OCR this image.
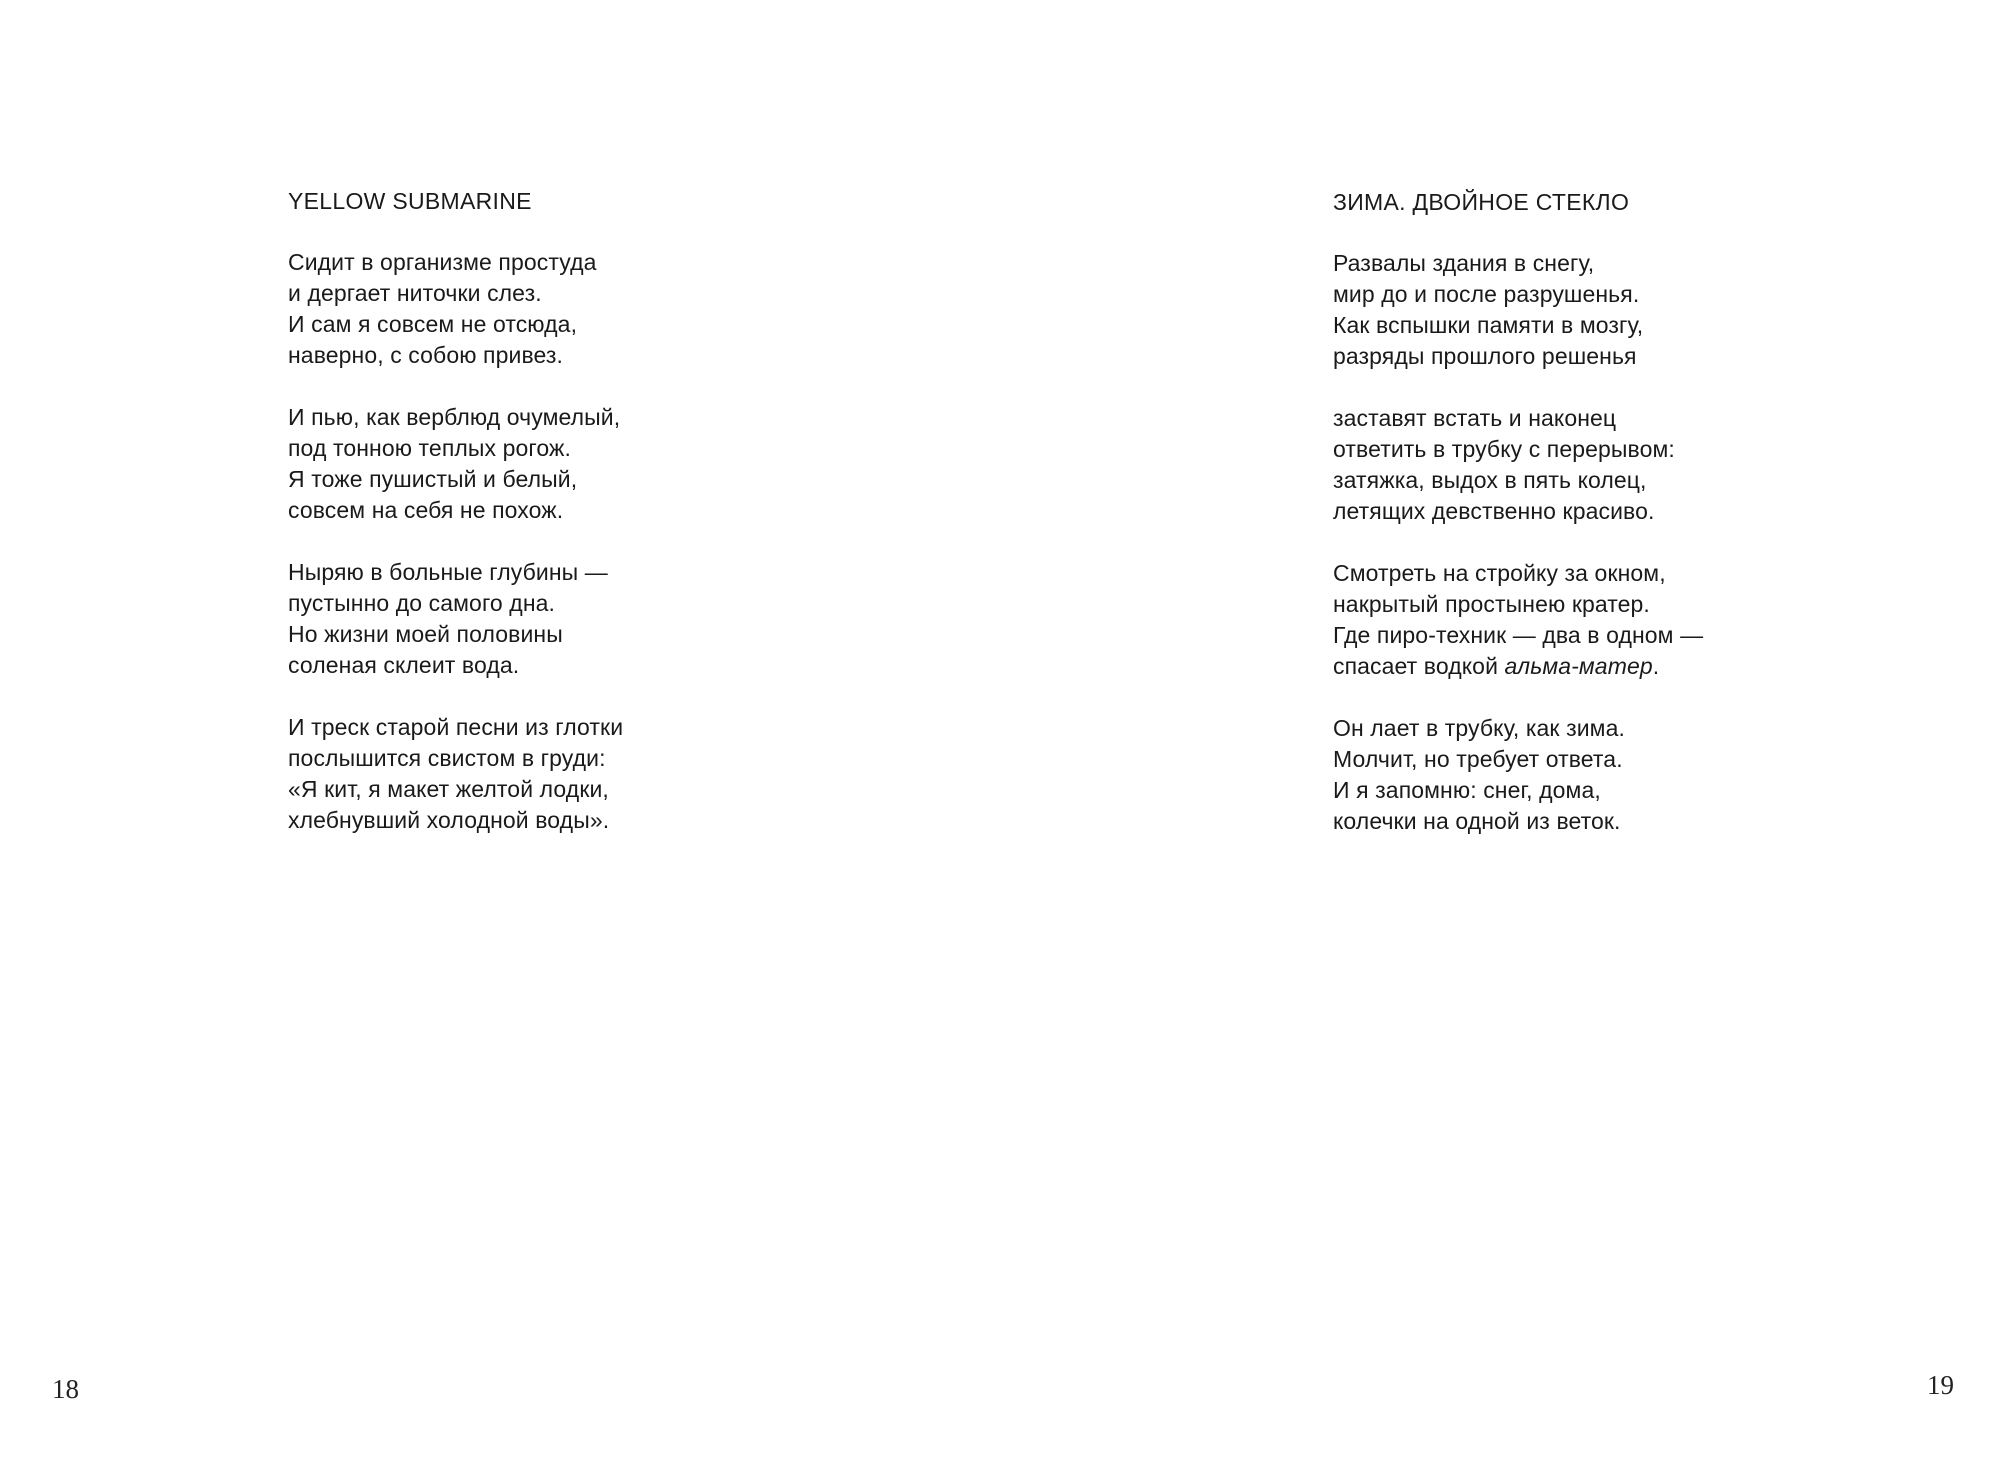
YELLOW SUBMARINE
Сидит в организме простуда
и дергает ниточки слез.
И сам я совсем не отсюда,
наверно, с собою привез.
И пью, как верблюд очумелый,
под тонною теплых рогож.
Я тоже пушистый и белый,
совсем на себя не похож.
Ныряю в больные глубины —
пустынно до самого дна.
Но жизни моей половины
соленая склеит вода.
И треск старой песни из глотки
послышится свистом в груди:
«Я кит, я макет желтой лодки,
хлебнувший холодной воды».
18
ЗИМА. ДВОЙНОЕ СТЕКЛО
Развалы здания в снегу,
мир до и после разрушенья.
Как вспышки памяти в мозгу,
разряды прошлого решенья
заставят встать и наконец
ответить в трубку с перерывом:
затяжка, выдох в пять колец,
летящих девственно красиво.
Смотреть на стройку за окном,
накрытый простынею кратер.
Где пиро-техник — два в одном —
спасает водкой альма-матер.
Он лает в трубку, как зима.
Молчит, но требует ответа.
И я запомню: снег, дома,
колечки на одной из веток.
19
